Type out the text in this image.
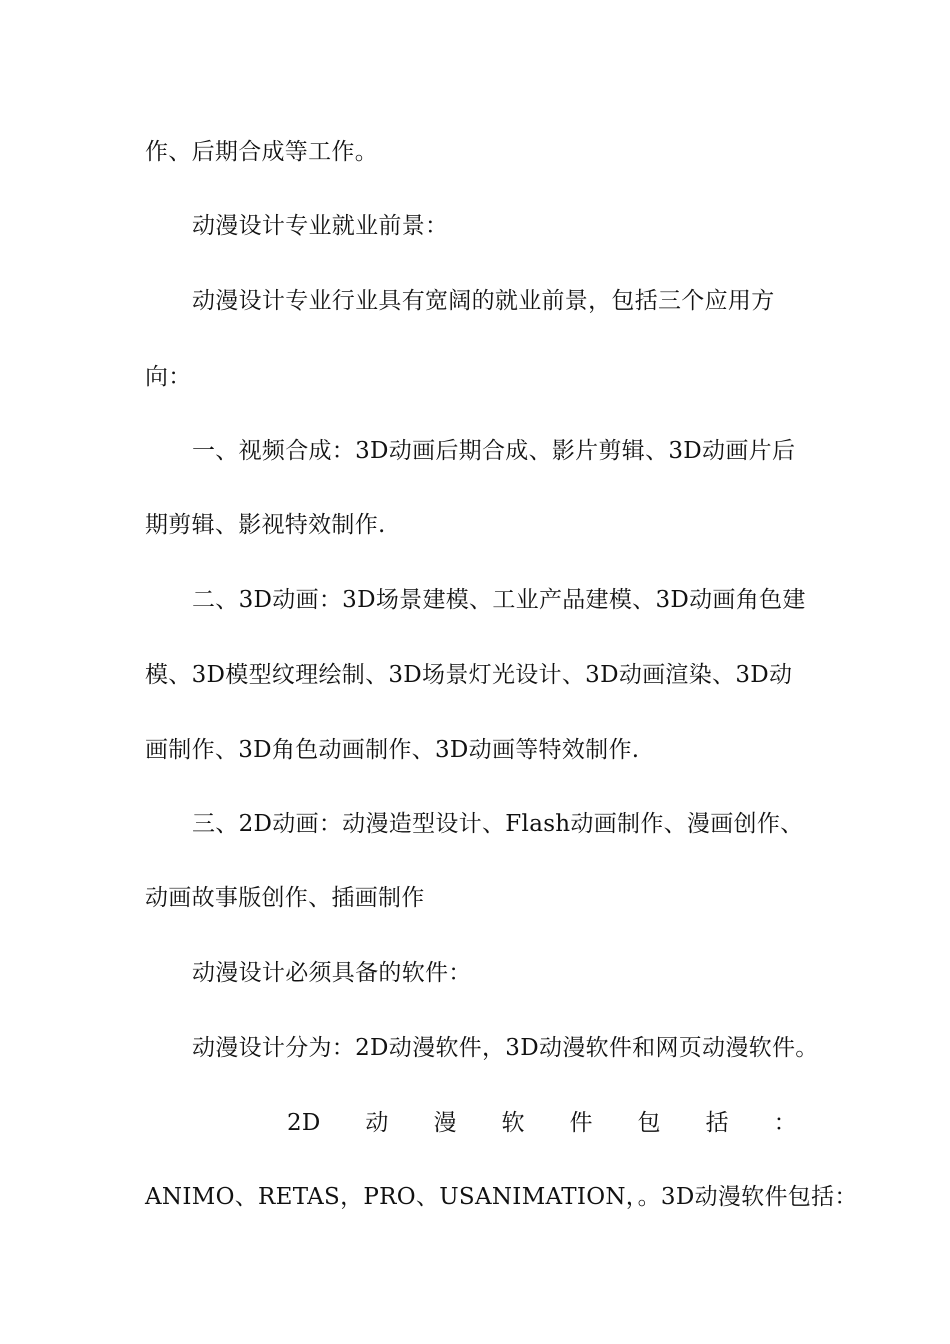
作、后期合成等工作。
动漫设计专业就业前景：
动漫设计专业行业具有宽阔的就业前景，包括三个应用方
向：
一、视频合成：3D动画后期合成、影片剪辑、3D动画片后
期剪辑、影视特效制作.
二、3D动画：3D场景建模、工业产品建模、3D动画角色建
模、3D模型纹理绘制、3D场景灯光设计、3D动画渲染、3D动
画制作、3D角色动画制作、3D动画等特效制作.
三、2D动画：动漫造型设计、Flash动画制作、漫画创作、
动画故事版创作、插画制作
动漫设计必须具备的软件：
动漫设计分为：2D动漫软件，3D动漫软件和网页动漫软件。
2D 动 漫 软 件 包 括 ：
ANIMO、RETAS，PRO、USANIMATION，。3D动漫软件包括：
